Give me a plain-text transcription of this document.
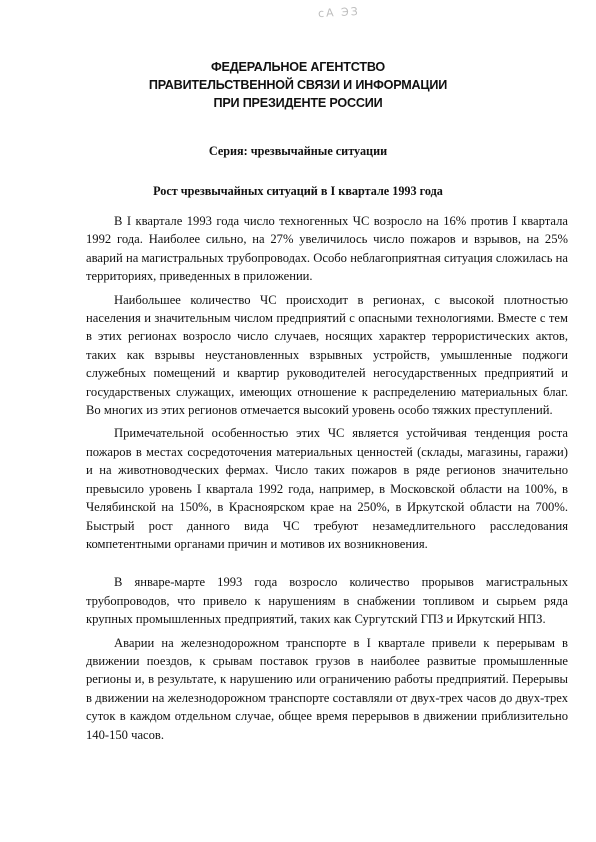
сА ЭЗ
ФЕДЕРАЛЬНОЕ АГЕНТСТВО
ПРАВИТЕЛЬСТВЕННОЙ СВЯЗИ И ИНФОРМАЦИИ
ПРИ ПРЕЗИДЕНТЕ РОССИИ
Серия: чрезвычайные ситуации
Рост чрезвычайных ситуаций в I квартале 1993 года

В I квартале 1993 года число техногенных ЧС возросло на 16% против I квартала 1992 года. Наиболее сильно, на 27% увеличилось число пожаров и взрывов, на 25% аварий на магистральных трубопроводах. Особо неблагоприятная ситуация сложилась на территориях, приведенных в приложении.

Наибольшее количество ЧС происходит в регионах, с высокой плотностью населения и значительным числом предприятий с опасными технологиями. Вместе с тем в этих регионах возросло число случаев, носящих характер террористических актов, таких как взрывы неустановленных взрывных устройств, умышленные поджоги служебных помещений и квартир руководителей негосударственных предприятий и государственых служащих, имеющих отношение к распределению материальных благ. Во многих из этих регионов отмечается высокий уровень особо тяжких преступлений.

Примечательной особенностью этих ЧС является устойчивая тенденция роста пожаров в местах сосредоточения материальных ценностей (склады, магазины, гаражи) и на животноводческих фермах. Число таких пожаров в ряде регионов значительно превысило уровень I квартала 1992 года, например, в Московской области на 100%, в Челябинской на 150%, в Красноярском крае на 250%, в Иркутской области на 700%. Быстрый рост данного вида ЧС требуют незамедлительного расследования компетентными органами причин и мотивов их возникновения.

В январе-марте 1993 года возросло количество прорывов магистральных трубопроводов, что привело к нарушениям в снабжении топливом и сырьем ряда крупных промышленных предприятий, таких как Сургутский ГПЗ и Иркутский НПЗ.

Аварии на железнодорожном транспорте в I квартале привели к перерывам в движении поездов, к срывам поставок грузов в наиболее развитые промышленные регионы и, в результате, к нарушению или ограничению работы предприятий. Перерывы в движении на железнодорожном транспорте составляли от двух-трех часов до двух-трех суток в каждом отдельном случае, общее время перерывов в движении приблизительно 140-150 часов.
